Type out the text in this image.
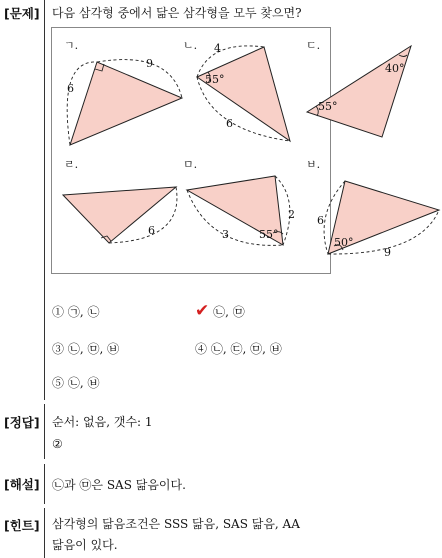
[문제]
[정답]
[해설]
[힌트]
다음 삼각형 중에서 닮은 삼각형을 모두 찾으면?
ㄱ.
9
6
ㄴ. 4
55°
6
ㄷ.
40°
55°
ㄹ.
6
ㅁ.
2
3	55°
ㅂ.
6
50°
9
① ㉠, ㉡	✔ ㉡, ㉤
③ ㉡, ㉤, ㉥	④ ㉡, ㉢, ㉤, ㉥
⑤ ㉡, ㉥
순서: 없음, 갯수: 1
②
㉡과 ㉤은 SAS 닮음이다.
삼각형의 닮음조건은 SSS 닮음, SAS 닮음, AA
닮음이 있다.
